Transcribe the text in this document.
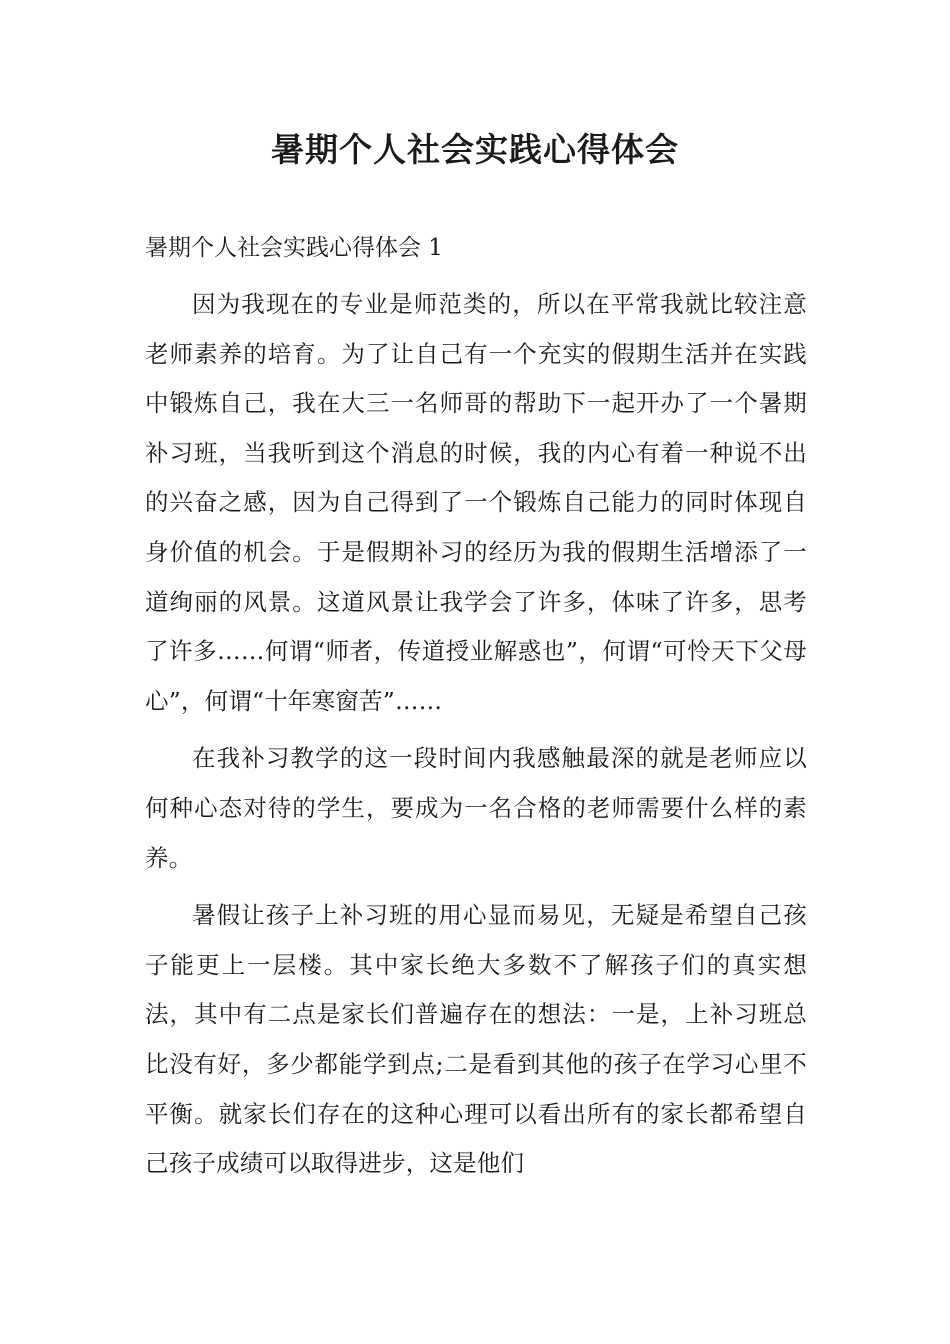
暑期个人社会实践心得体会
暑期个人社会实践心得体会 1

因为我现在的专业是师范类的，所以在平常我就比较注意老师素养的培育。为了让自己有一个充实的假期生活并在实践中锻炼自己，我在大三一名师哥的帮助下一起开办了一个暑期补习班，当我听到这个消息的时候，我的内心有着一种说不出的兴奋之感，因为自己得到了一个锻炼自己能力的同时体现自身价值的机会。于是假期补习的经历为我的假期生活增添了一道绚丽的风景。这道风景让我学会了许多，体味了许多，思考了许多……何谓“师者，传道授业解惑也”，何谓“可怜天下父母心”，何谓“十年寒窗苦”……

在我补习教学的这一段时间内我感触最深的就是老师应以何种心态对待的学生，要成为一名合格的老师需要什么样的素养。

暑假让孩子上补习班的用心显而易见，无疑是希望自己孩子能更上一层楼。其中家长绝大多数不了解孩子们的真实想法，其中有二点是家长们普遍存在的想法：一是，上补习班总比没有好，多少都能学到点;二是看到其他的孩子在学习心里不平衡。就家长们存在的这种心理可以看出所有的家长都希望自己孩子成绩可以取得进步，这是他们
